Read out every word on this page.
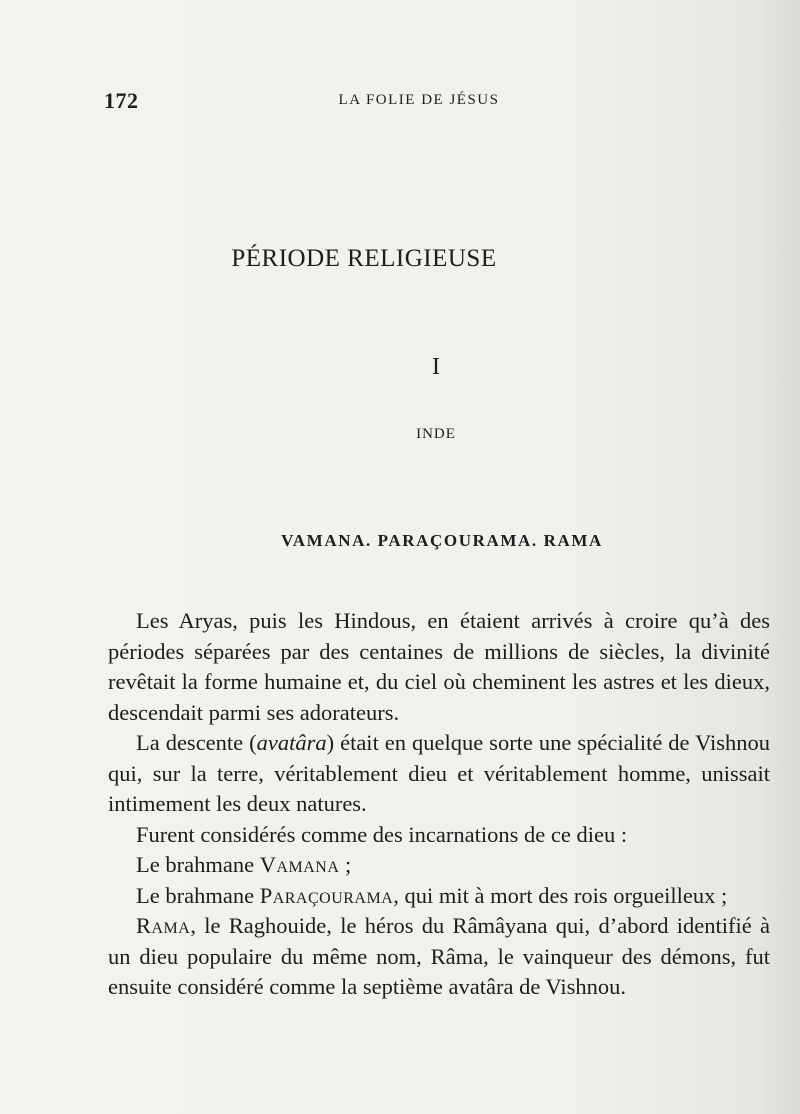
172	LA FOLIE DE JÉSUS
PÉRIODE RELIGIEUSE
I
INDE
VAMANA. PARAÇOURAMA. RAMA

Les Aryas, puis les Hindous, en étaient arrivés à croire qu’à des périodes séparées par des centaines de millions de siècles, la divinité revêtait la forme humaine et, du ciel où cheminent les astres et les dieux, descendait parmi ses adorateurs.

La descente (avatâra) était en quelque sorte une spécialité de Vishnou qui, sur la terre, véritablement dieu et véritablement homme, unissait intimement les deux natures.

Furent considérés comme des incarnations de ce dieu :

Le brahmane Vamana ;

Le brahmane Paraçourama, qui mit à mort des rois orgueilleux ;

Rama, le Raghouide, le héros du Râmâyana qui, d’abord identifié à un dieu populaire du même nom, Râma, le vainqueur des démons, fut ensuite considéré comme la septième avatâra de Vishnou.
